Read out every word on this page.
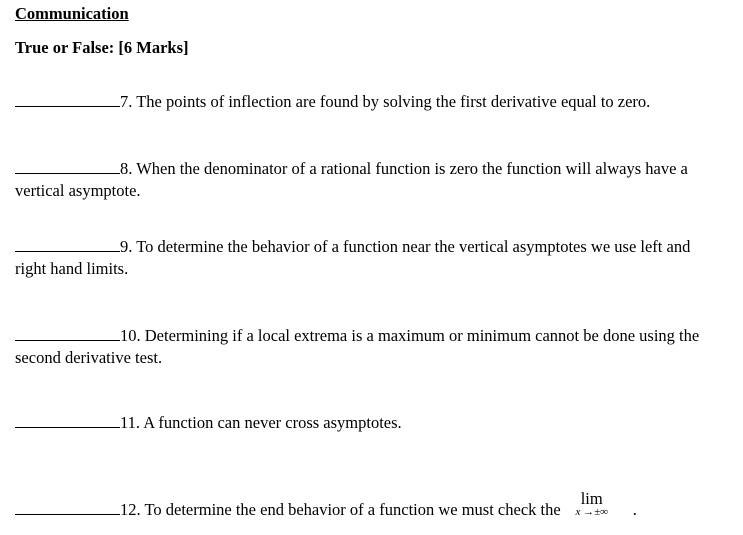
Communication
True or False: [6 Marks]
7. The points of inflection are found by solving the first derivative equal to zero.
8. When the denominator of a rational function is zero the function will always have a vertical asymptote.
9. To determine the behavior of a function near the vertical asymptotes we use left and right hand limits.
10. Determining if a local extrema is a maximum or minimum cannot be done using the second derivative test.
11. A function can never cross asymptotes.
12. To determine the end behavior of a function we must check the
lim
x →±∞	.
